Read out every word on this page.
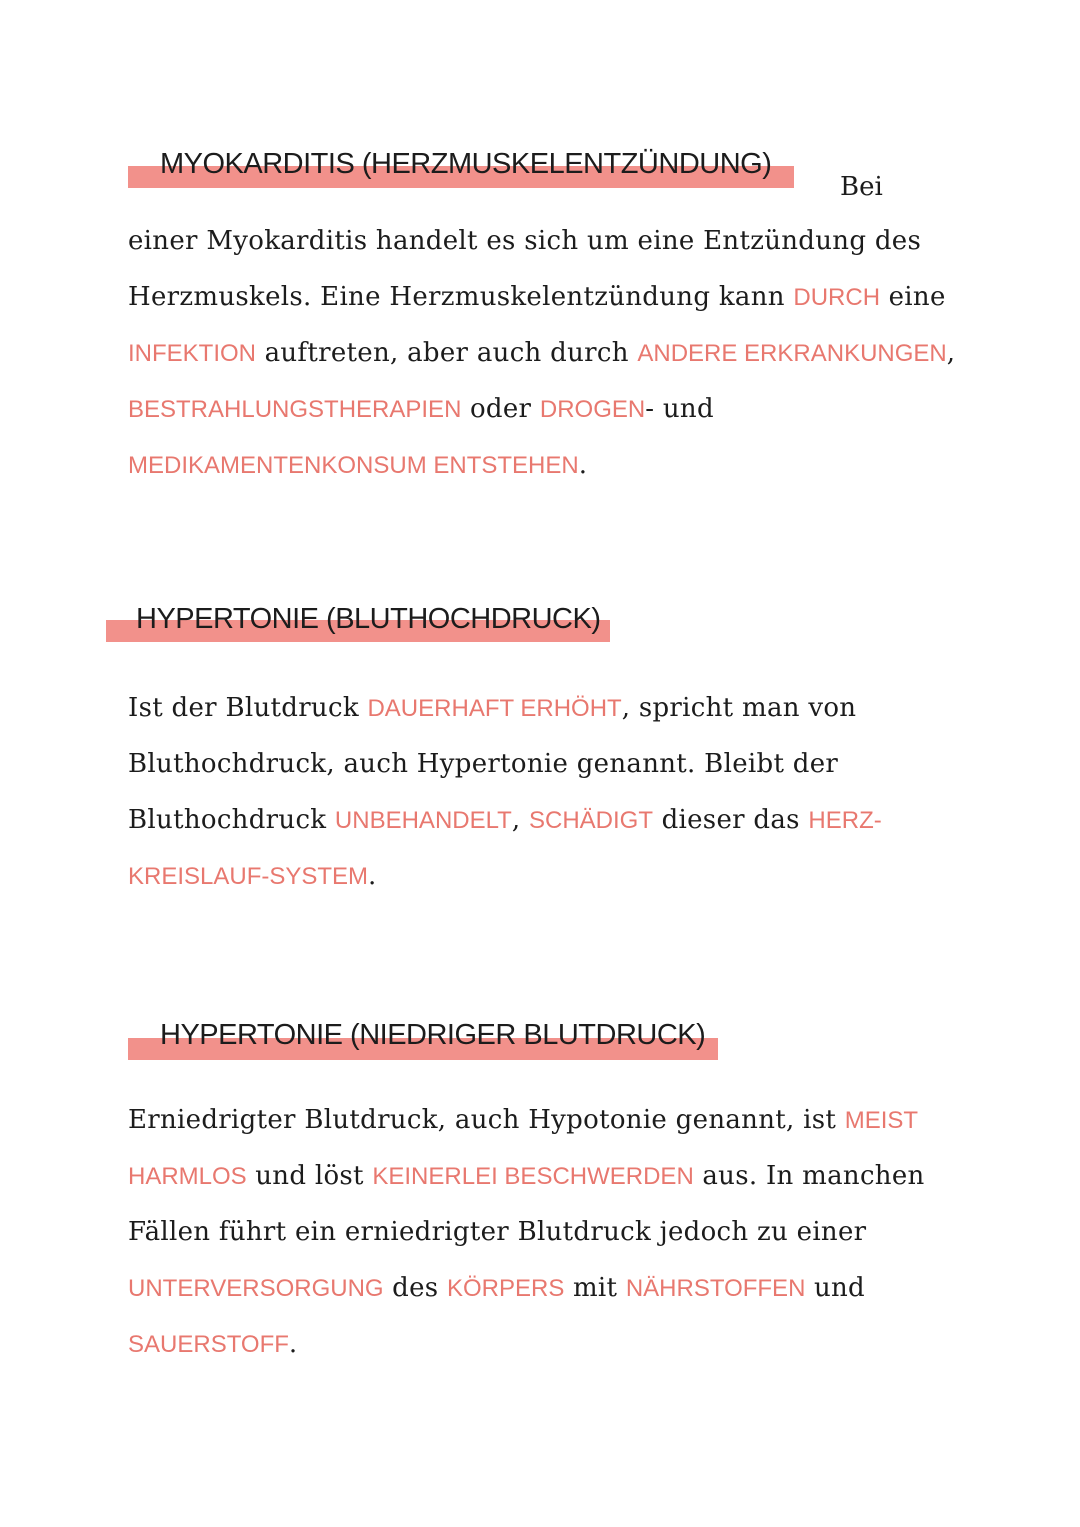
MYOKARDITIS (HERZMUSKELENTZÜNDUNG)
Bei
einer Myokarditis handelt es sich um eine Entzündung des
Herzmuskels. Eine Herzmuskelentzündung kann DURCH eine
INFEKTION auftreten, aber auch durch ANDERE ERKRANKUNGEN,
BESTRAHLUNGSTHERAPIEN oder DROGEN- und
MEDIKAMENTENKONSUM ENTSTEHEN.
HYPERTONIE (BLUTHOCHDRUCK)
Ist der Blutdruck DAUERHAFT ERHÖHT, spricht man von
Bluthochdruck, auch Hypertonie genannt. Bleibt der
Bluthochdruck UNBEHANDELT, SCHÄDIGT dieser das HERZ-
KREISLAUF-SYSTEM.
HYPERTONIE (NIEDRIGER BLUTDRUCK)
Erniedrigter Blutdruck, auch Hypotonie genannt, ist MEIST
HARMLOS und löst KEINERLEI BESCHWERDEN aus. In manchen
Fällen führt ein erniedrigter Blutdruck jedoch zu einer
UNTERVERSORGUNG des KÖRPERS mit NÄHRSTOFFEN und
SAUERSTOFF.
